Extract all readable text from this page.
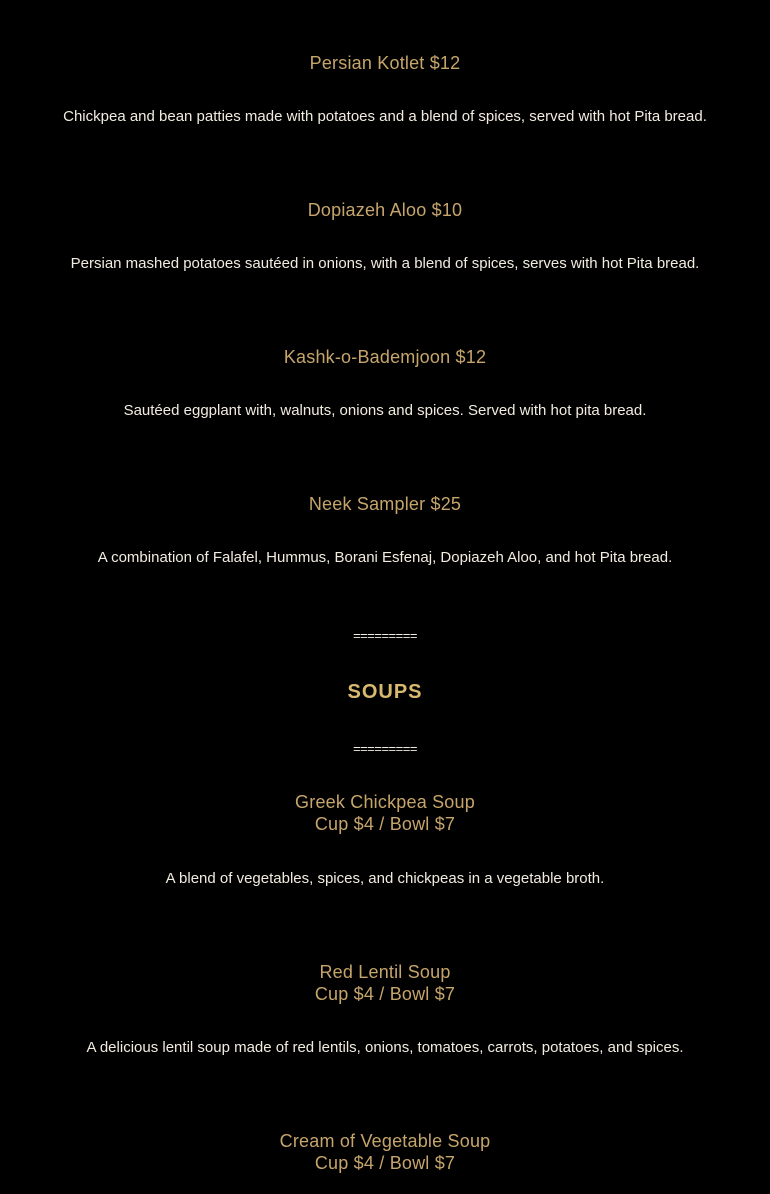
Persian Kotlet $12

Chickpea and bean patties made with potatoes and a blend of spices, served with hot Pita bread.

Dopiazeh Aloo $10

Persian mashed potatoes sautéed in onions, with a blend of spices, serves with hot Pita bread.

Kashk-o-Bademjoon $12

Sautéed eggplant with, walnuts, onions and spices. Served with hot pita bread.

Neek Sampler $25

A combination of Falafel, Hummus, Borani Esfenaj, Dopiazeh Aloo, and hot Pita bread.

=========

SOUPS

=========

Greek Chickpea Soup
Cup $4 / Bowl $7

A blend of vegetables, spices, and chickpeas in a vegetable broth.

Red Lentil Soup
Cup $4 / Bowl $7

A delicious lentil soup made of red lentils, onions, tomatoes, carrots, potatoes, and spices.

Cream of Vegetable Soup
Cup $4 / Bowl $7
